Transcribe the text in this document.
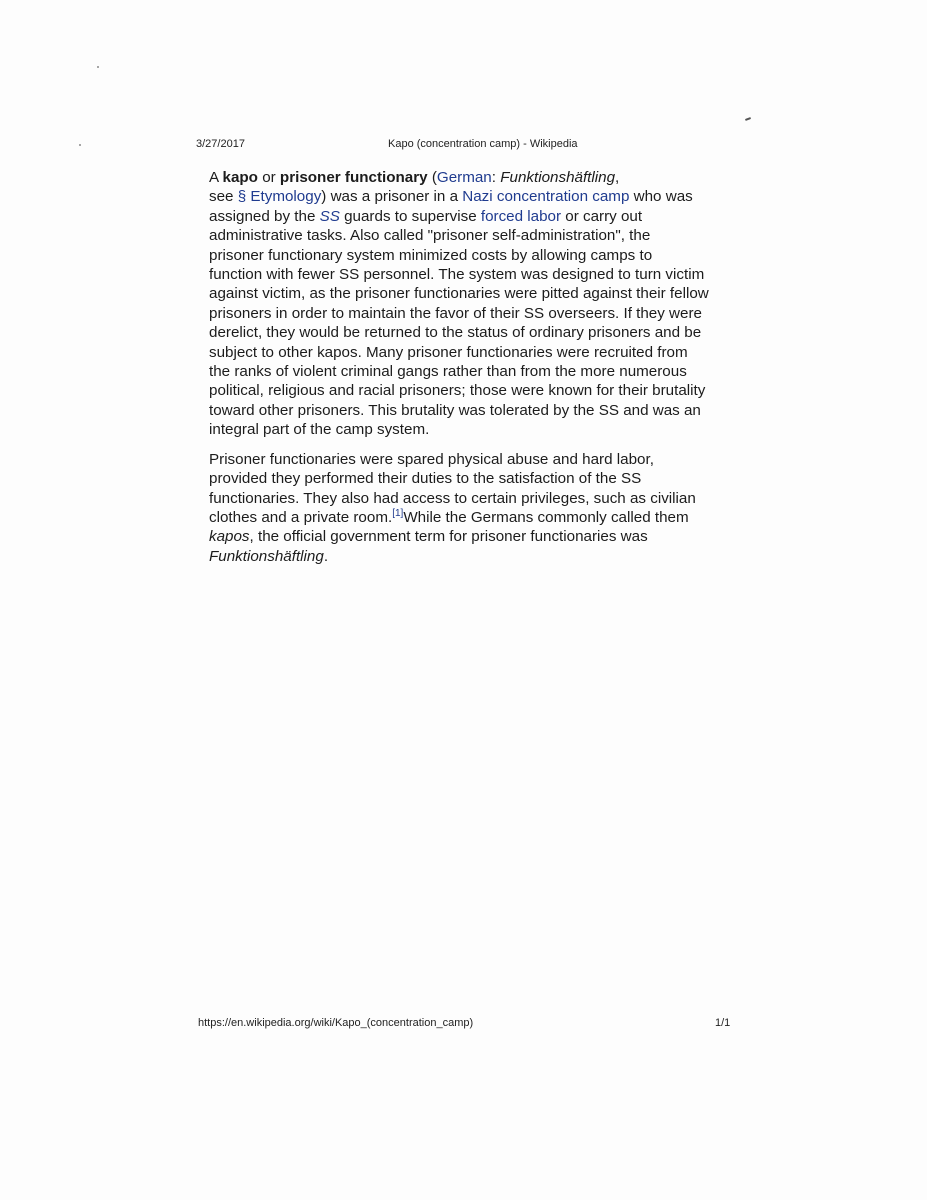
3/27/2017	Kapo (concentration camp) - Wikipedia

A kapo or prisoner functionary (German: Funktionshäftling,
see § Etymology) was a prisoner in a Nazi concentration camp who was assigned by the SS guards to supervise forced labor or carry out administrative tasks. Also called "prisoner self-administration", the prisoner functionary system minimized costs by allowing camps to function with fewer SS personnel. The system was designed to turn victim against victim, as the prisoner functionaries were pitted against their fellow prisoners in order to maintain the favor of their SS overseers. If they were derelict, they would be returned to the status of ordinary prisoners and be subject to other kapos. Many prisoner functionaries were recruited from the ranks of violent criminal gangs rather than from the more numerous political, religious and racial prisoners; those were known for their brutality toward other prisoners. This brutality was tolerated by the SS and was an integral part of the camp system.

Prisoner functionaries were spared physical abuse and hard labor, provided they performed their duties to the satisfaction of the SS functionaries. They also had access to certain privileges, such as civilian clothes and a private room.[1]While the Germans commonly called them kapos, the official government term for prisoner functionaries was Funktionshäftling.

https://en.wikipedia.org/wiki/Kapo_(concentration_camp)	1/1
